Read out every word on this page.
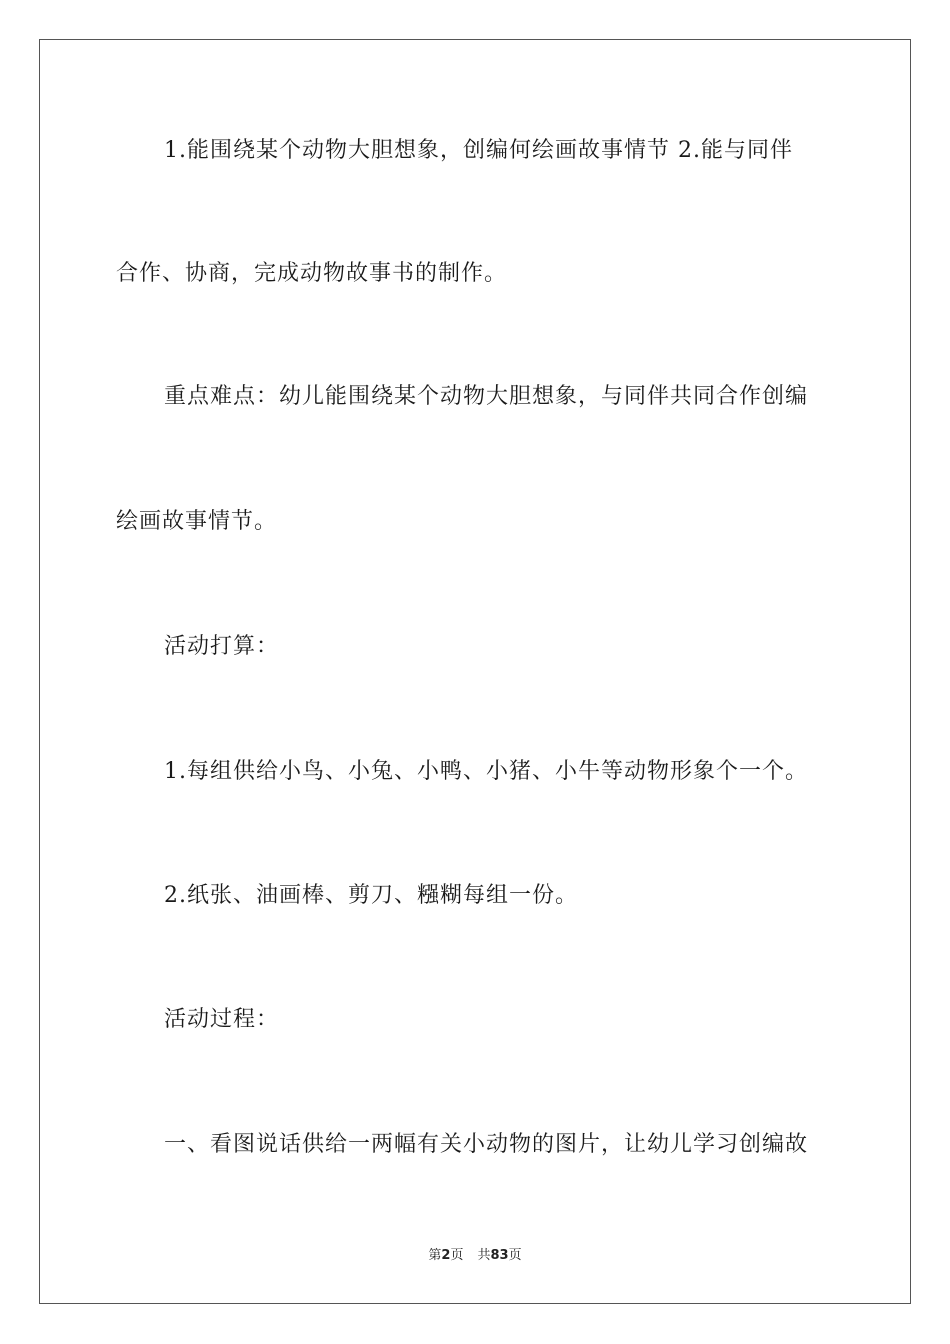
1.能围绕某个动物大胆想象，创编何绘画故事情节 2.能与同伴
合作、协商，完成动物故事书的制作。
重点难点：幼儿能围绕某个动物大胆想象，与同伴共同合作创编
绘画故事情节。
活动打算：
1.每组供给小鸟、小兔、小鸭、小猪、小牛等动物形象个一个。
2.纸张、油画棒、剪刀、糨糊每组一份。
活动过程：
一、看图说话供给一两幅有关小动物的图片，让幼儿学习创编故
第2页 共83页
